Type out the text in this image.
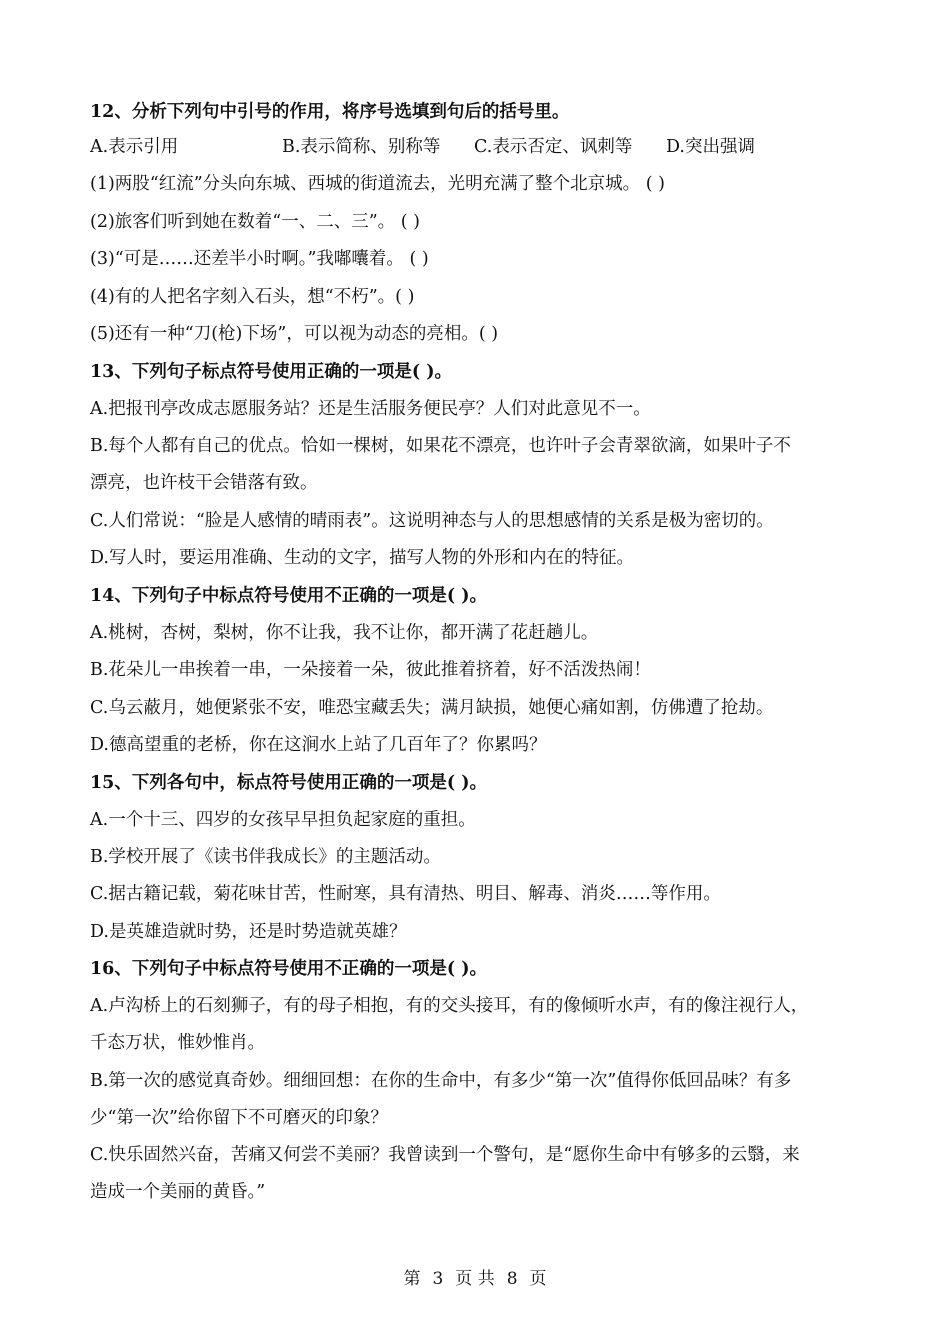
12、分析下列句中引号的作用，将序号选填到句后的括号里。
A.表示引用	B.表示简称、别称等 C.表示否定、讽刺等 D.突出强调
(1)两股“红流”分头向东城、西城的街道流去，光明充满了整个北京城。 ( )
(2)旅客们听到她在数着“一、二、三”。 ( )
(3)“可是……还差半小时啊。”我嘟囔着。 ( )
(4)有的人把名字刻入石头，想“不朽”。( )
(5)还有一种“刀(枪)下场”，可以视为动态的亮相。( )
13、下列句子标点符号使用正确的一项是( )。
A.把报刊亭改成志愿服务站？还是生活服务便民亭？人们对此意见不一。
B.每个人都有自己的优点。恰如一棵树，如果花不漂亮，也许叶子会青翠欲滴，如果叶子不
漂亮，也许枝干会错落有致。
C.人们常说：“脸是人感情的晴雨表”。这说明神态与人的思想感情的关系是极为密切的。
D.写人时，要运用准确、生动的文字，描写人物的外形和内在的特征。
14、下列句子中标点符号使用不正确的一项是( )。
A.桃树，杏树，梨树，你不让我，我不让你，都开满了花赶趟儿。
B.花朵儿一串挨着一串，一朵接着一朵，彼此推着挤着，好不活泼热闹！
C.乌云蔽月，她便紧张不安，唯恐宝藏丢失；满月缺损，她便心痛如割，仿佛遭了抢劫。
D.德高望重的老桥，你在这涧水上站了几百年了？你累吗？
15、下列各句中，标点符号使用正确的一项是( )。
A.一个十三、四岁的女孩早早担负起家庭的重担。
B.学校开展了《读书伴我成长》的主题活动。
C.据古籍记载，菊花味甘苦，性耐寒，具有清热、明目、解毒、消炎……等作用。
D.是英雄造就时势，还是时势造就英雄？
16、下列句子中标点符号使用不正确的一项是( )。
A.卢沟桥上的石刻狮子，有的母子相抱，有的交头接耳，有的像倾听水声，有的像注视行人，
千态万状，惟妙惟肖。
B.第一次的感觉真奇妙。细细回想：在你的生命中，有多少“第一次”值得你低回品味？有多
少“第一次”给你留下不可磨灭的印象？
C.快乐固然兴奋，苦痛又何尝不美丽？我曾读到一个警句，是“愿你生命中有够多的云翳，来
造成一个美丽的黄昏。”
第 3 页 共 8 页
